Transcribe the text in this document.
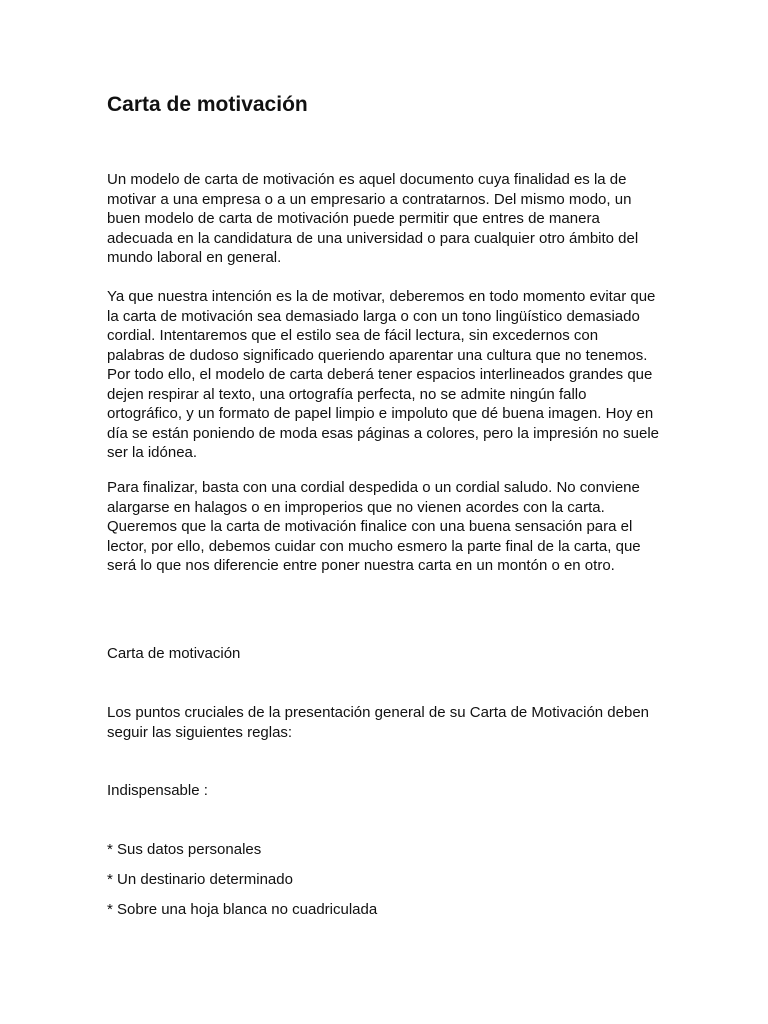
Carta de motivación

Un modelo de carta de motivación es aquel documento cuya finalidad es la de
motivar a una empresa o a un empresario a contratarnos. Del mismo modo, un
buen modelo de carta de motivación puede permitir que entres de manera
adecuada en la candidatura de una universidad o para cualquier otro ámbito del
mundo laboral en general.

Ya que nuestra intención es la de motivar, deberemos en todo momento evitar que
la carta de motivación sea demasiado larga o con un tono lingüístico demasiado
cordial. Intentaremos que el estilo sea de fácil lectura, sin excedernos con
palabras de dudoso significado queriendo aparentar una cultura que no tenemos.
Por todo ello, el modelo de carta deberá tener espacios interlineados grandes que
dejen respirar al texto, una ortografía perfecta, no se admite ningún fallo
ortográfico, y un formato de papel limpio e impoluto que dé buena imagen. Hoy en
día se están poniendo de moda esas páginas a colores, pero la impresión no suele
ser la idónea.

Para finalizar, basta con una cordial despedida o un cordial saludo. No conviene
alargarse en halagos o en improperios que no vienen acordes con la carta.
Queremos que la carta de motivación finalice con una buena sensación para el
lector, por ello, debemos cuidar con mucho esmero la parte final de la carta, que
será lo que nos diferencie entre poner nuestra carta en un montón o en otro.

Carta de motivación

Los puntos cruciales de la presentación general de su Carta de Motivación deben
seguir las siguientes reglas:

Indispensable :

* Sus datos personales

* Un destinario determinado

* Sobre una hoja blanca no cuadriculada
